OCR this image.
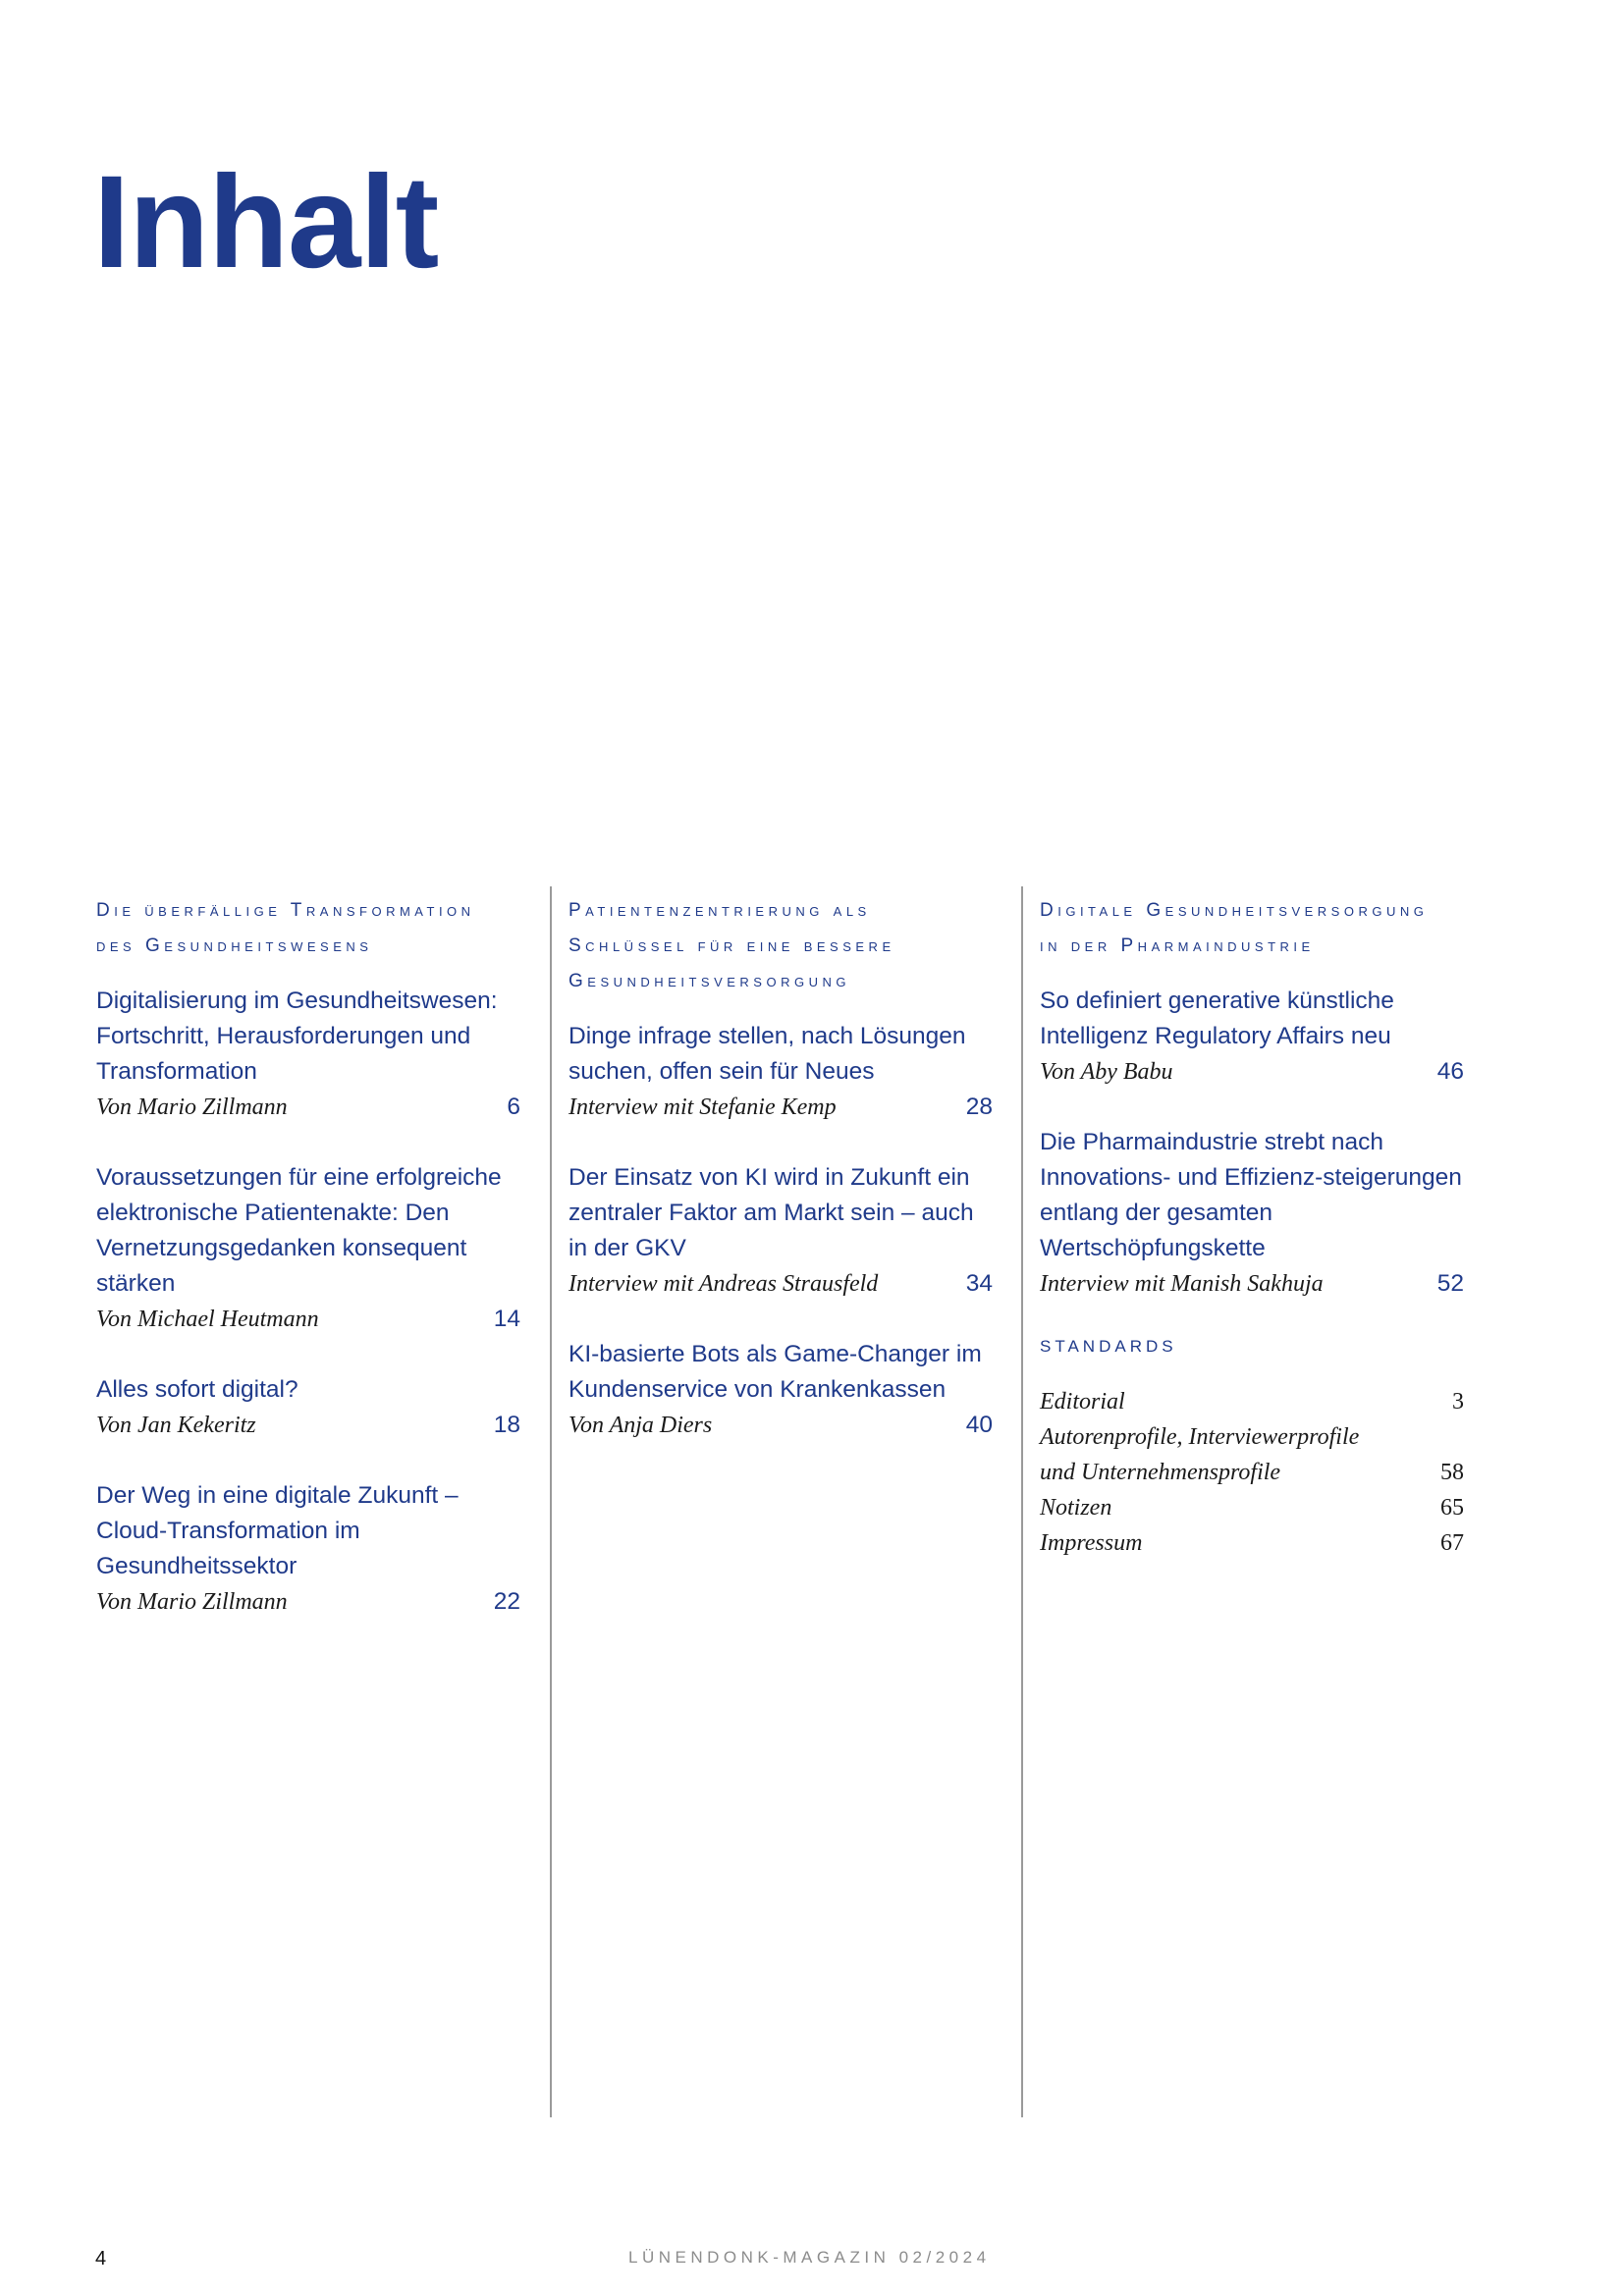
Inhalt
Die überfällige Transformation
des Gesundheitswesens

Digitalisierung im Gesundheitswesen: Fortschritt, Herausforderungen und Transformation

Von Mario Zillmann	6

Voraussetzungen für eine erfolgreiche elektronische Patientenakte: Den Vernetzungsgedanken konsequent stärken

Von Michael Heutmann	14

Alles sofort digital?

Von Jan Kekeritz	18

Der Weg in eine digitale Zukunft – Cloud-Transformation im Gesundheitssektor

Von Mario Zillmann	22
Patientenzentrierung als
Schlüssel für eine bessere
Gesundheitsversorgung

Dinge infrage stellen, nach Lösungen suchen, offen sein für Neues

Interview mit Stefanie Kemp	28

Der Einsatz von KI wird in Zukunft ein zentraler Faktor am Markt sein – auch in der GKV

Interview mit Andreas Strausfeld	34

KI-basierte Bots als Game-Changer im Kundenservice von Krankenkassen

Von Anja Diers	40
Digitale Gesundheitsversorgung
in der Pharmaindustrie

So definiert generative künstliche Intelligenz Regulatory Affairs neu

Von Aby Babu	46

Die Pharmaindustrie strebt nach Innovations- und Effizienz-steigerungen entlang der gesamten Wertschöpfungskette

Interview mit Manish Sakhuja	52
STANDARDS
Editorial	3
Autorenprofile, Interviewerprofile
und Unternehmensprofile	58
Notizen	65
Impressum	67
4	LÜNENDONK-MAGAZIN 02/2024
